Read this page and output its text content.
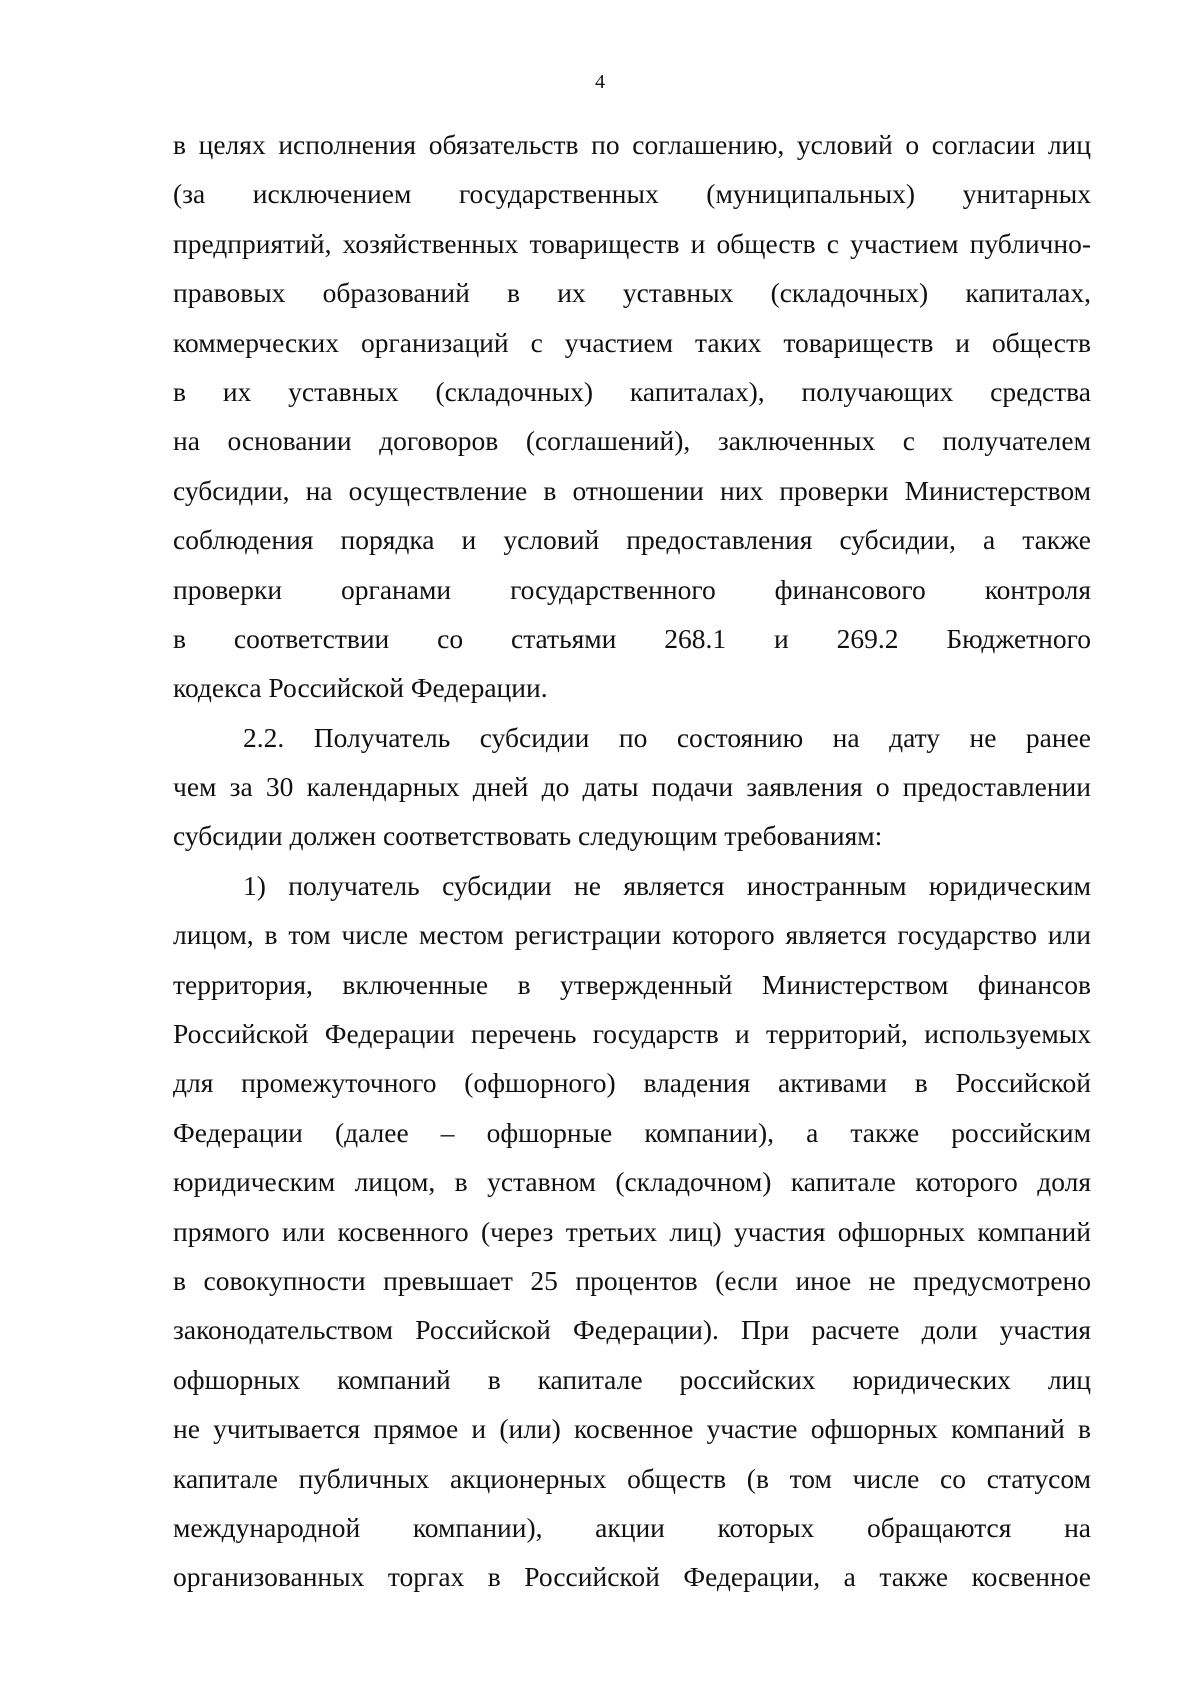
4
в целях исполнения обязательств по соглашению, условий о согласии лиц
(за исключением государственных (муниципальных) унитарных
предприятий, хозяйственных товариществ и обществ с участием публично-
правовых образований в их уставных (складочных) капиталах,
коммерческих организаций с участием таких товариществ и обществ
в их уставных (складочных) капиталах), получающих средства
на основании договоров (соглашений), заключенных с получателем
субсидии, на осуществление в отношении них проверки Министерством
соблюдения порядка и условий предоставления субсидии, а также
проверки органами государственного финансового контроля
в соответствии со статьями 268.1 и 269.2 Бюджетного
кодекса Российской Федерации.
2.2. Получатель субсидии по состоянию на дату не ранее
чем за 30 календарных дней до даты подачи заявления о предоставлении
субсидии должен соответствовать следующим требованиям:
1) получатель субсидии не является иностранным юридическим
лицом, в том числе местом регистрации которого является государство или
территория, включенные в утвержденный Министерством финансов
Российской Федерации перечень государств и территорий, используемых
для промежуточного (офшорного) владения активами в Российской
Федерации (далее – офшорные компании), а также российским
юридическим лицом, в уставном (складочном) капитале которого доля
прямого или косвенного (через третьих лиц) участия офшорных компаний
в совокупности превышает 25 процентов (если иное не предусмотрено
законодательством Российской Федерации). При расчете доли участия
офшорных компаний в капитале российских юридических лиц
не учитывается прямое и (или) косвенное участие офшорных компаний в
капитале публичных акционерных обществ (в том числе со статусом
международной компании), акции которых обращаются на
организованных торгах в Российской Федерации, а также косвенное
